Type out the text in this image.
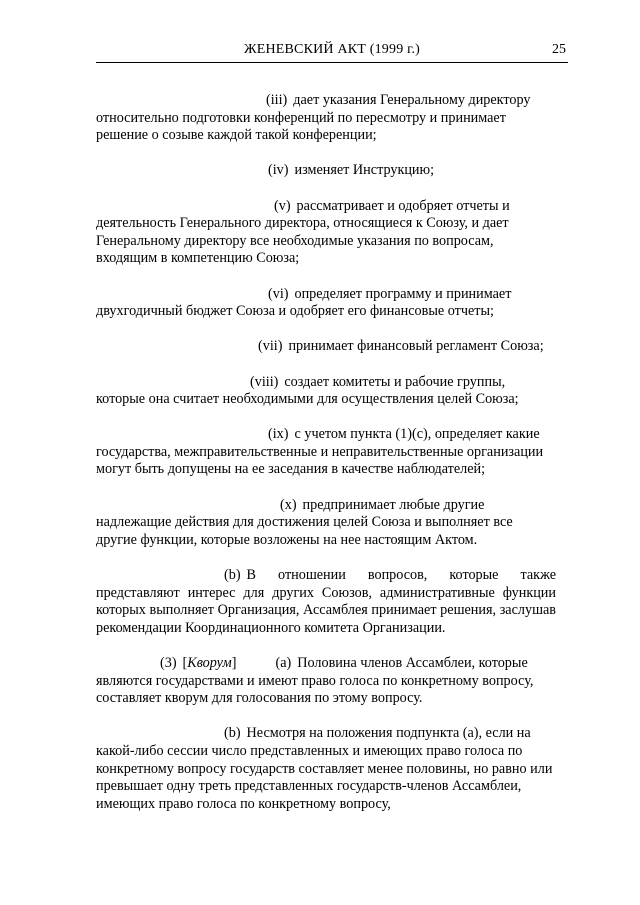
ЖЕНЕВСКИЙ АКТ (1999 г.)	25

(iii) дает указания Генеральному директору относительно подготовки конференций по пересмотру и принимает решение о созыве каждой такой конференции;

(iv) изменяет Инструкцию;

(v) рассматривает и одобряет отчеты и деятельность Генерального директора, относящиеся к Союзу, и дает Генеральному директору все необходимые указания по вопросам, входящим в компетенцию Союза;

(vi) определяет программу и принимает двухгодичный бюджет Союза и одобряет его финансовые отчеты;

(vii) принимает финансовый регламент Союза;

(viii) создает комитеты и рабочие группы, которые она считает необходимыми для осуществления целей Союза;

(ix) с учетом пункта (1)(с), определяет какие государства, межправительственные и неправительственные организации могут быть допущены на ее заседания в качестве наблюдателей;

(x) предпринимает любые другие надлежащие действия для достижения целей Союза и выполняет все другие функции, которые возложены на нее настоящим Актом.

(b) В отношении вопросов, которые также представляют интерес для других Союзов, административные функции которых выполняет Организация, Ассамблея принимает решения, заслушав рекомендации Координационного комитета Организации.

(3) [Кворум]  (а) Половина членов Ассамблеи, которые являются государствами и имеют право голоса по конкретному вопросу, составляет кворум для голосования по этому вопросу.

(b) Несмотря на положения подпункта (а), если на какой-либо сессии число представленных и имеющих право голоса по конкретному вопросу государств составляет менее половины, но равно или превышает одну треть представленных государств-членов Ассамблеи, имеющих право голоса по конкретному вопросу,
